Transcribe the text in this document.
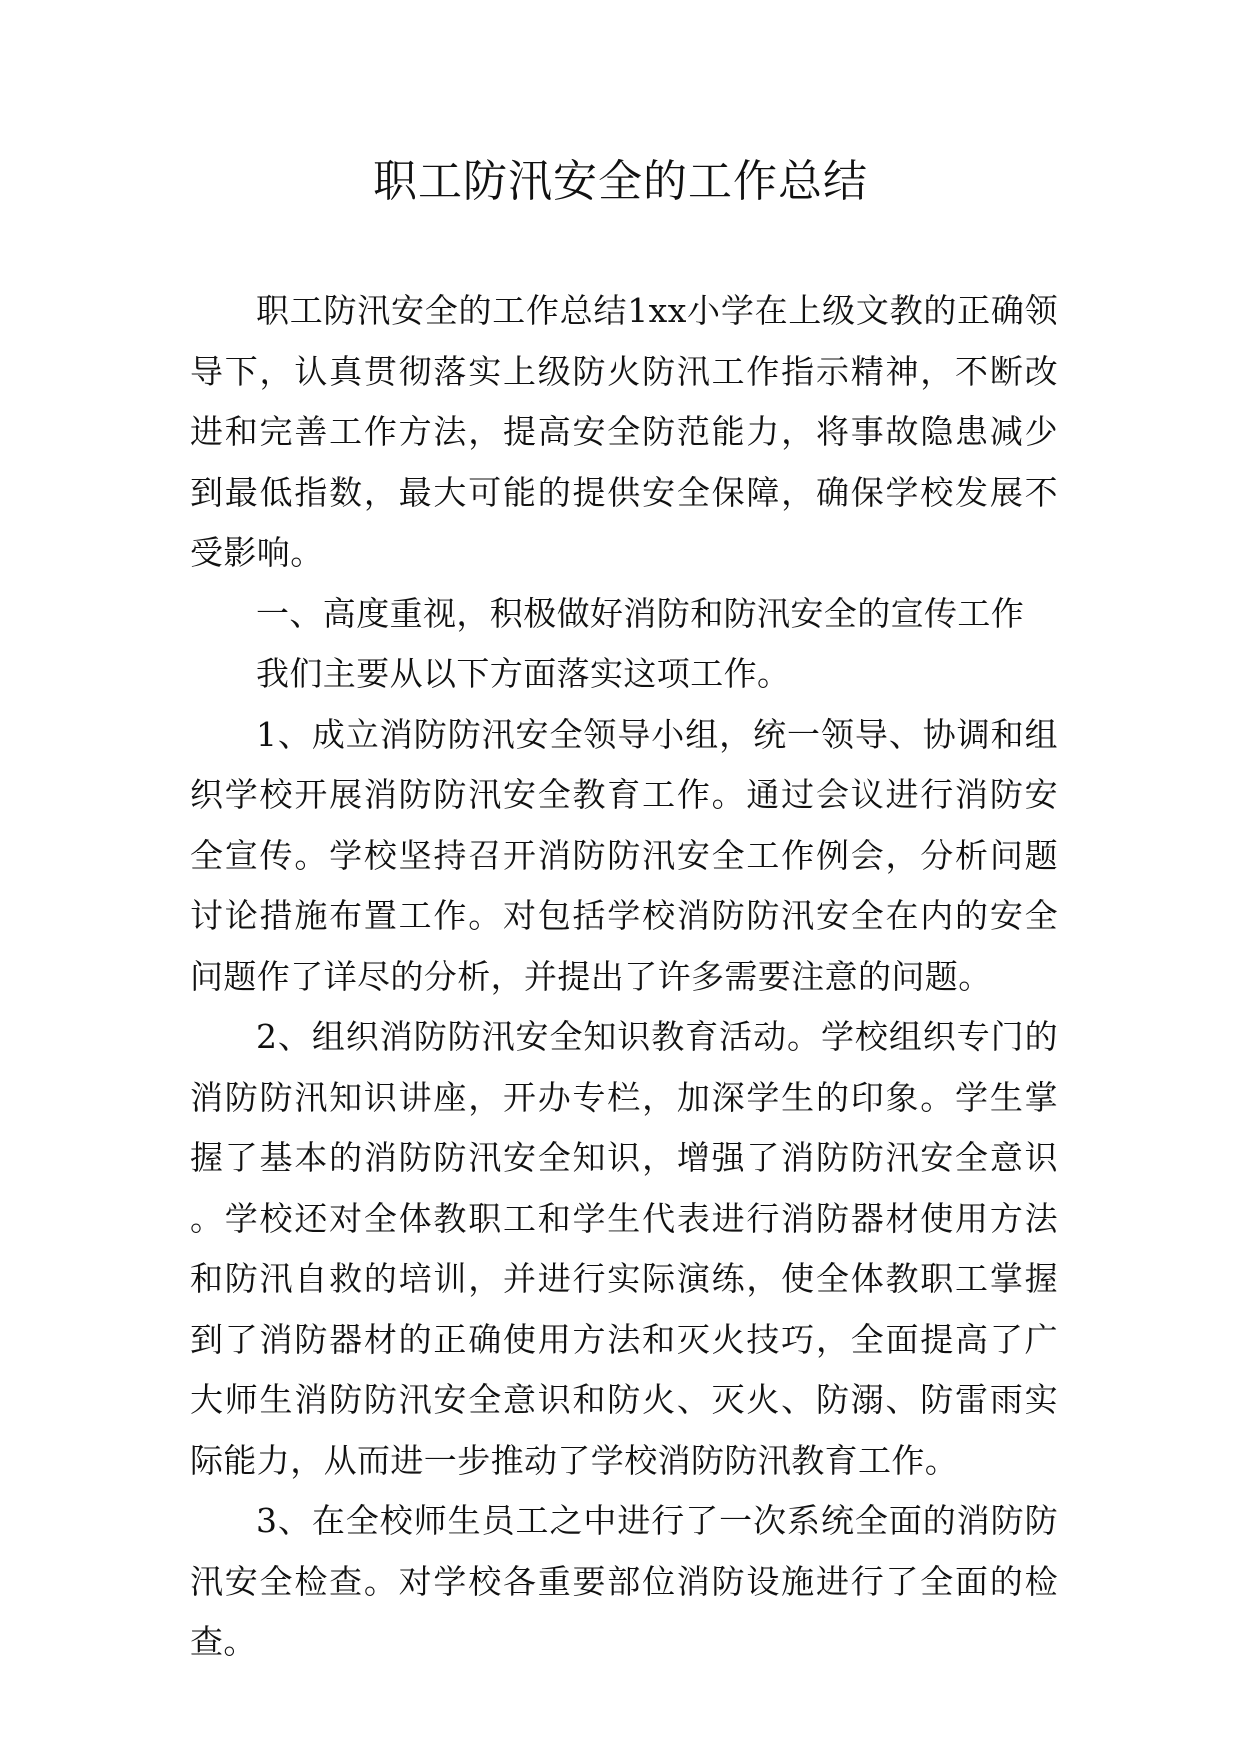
职工防汛安全的工作总结

职工防汛安全的工作总结1xx小学在上级文教的正确领导下，认真贯彻落实上级防火防汛工作指示精神，不断改进和完善工作方法，提高安全防范能力，将事故隐患减少到最低指数，最大可能的提供安全保障，确保学校发展不受影响。

一、高度重视，积极做好消防和防汛安全的宣传工作

我们主要从以下方面落实这项工作。

1、成立消防防汛安全领导小组，统一领导、协调和组织学校开展消防防汛安全教育工作。通过会议进行消防安全宣传。学校坚持召开消防防汛安全工作例会，分析问题讨论措施布置工作。对包括学校消防防汛安全在内的安全问题作了详尽的分析，并提出了许多需要注意的问题。

2、组织消防防汛安全知识教育活动。学校组织专门的消防防汛知识讲座，开办专栏，加深学生的印象。学生掌握了基本的消防防汛安全知识，增强了消防防汛安全意识。学校还对全体教职工和学生代表进行消防器材使用方法和防汛自救的培训，并进行实际演练，使全体教职工掌握到了消防器材的正确使用方法和灭火技巧，全面提高了广大师生消防防汛安全意识和防火、灭火、防溺、防雷雨实际能力，从而进一步推动了学校消防防汛教育工作。

3、在全校师生员工之中进行了一次系统全面的消防防汛安全检查。对学校各重要部位消防设施进行了全面的检查。
